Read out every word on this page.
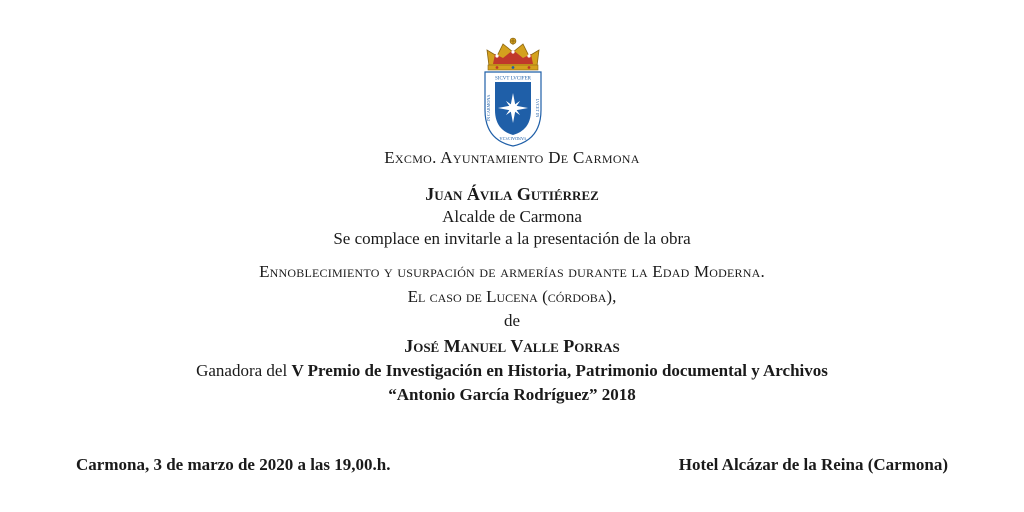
SICVT LVCIFER
IN CARMONA	LVCET IN
VANDALVCIA
Excmo. Ayuntamiento De Carmona
Juan Ávila Gutiérrez
Alcalde de Carmona
Se complace en invitarle a la presentación de la obra
Ennoblecimiento y usurpación de armerías durante la Edad Moderna.
El caso de Lucena (córdoba),
de
José Manuel Valle Porras
Ganadora del V Premio de Investigación en Historia, Patrimonio documental y Archivos
“Antonio García Rodríguez” 2018
Carmona, 3 de marzo de 2020 a las 19,00.h.	Hotel Alcázar de la Reina (Carmona)
